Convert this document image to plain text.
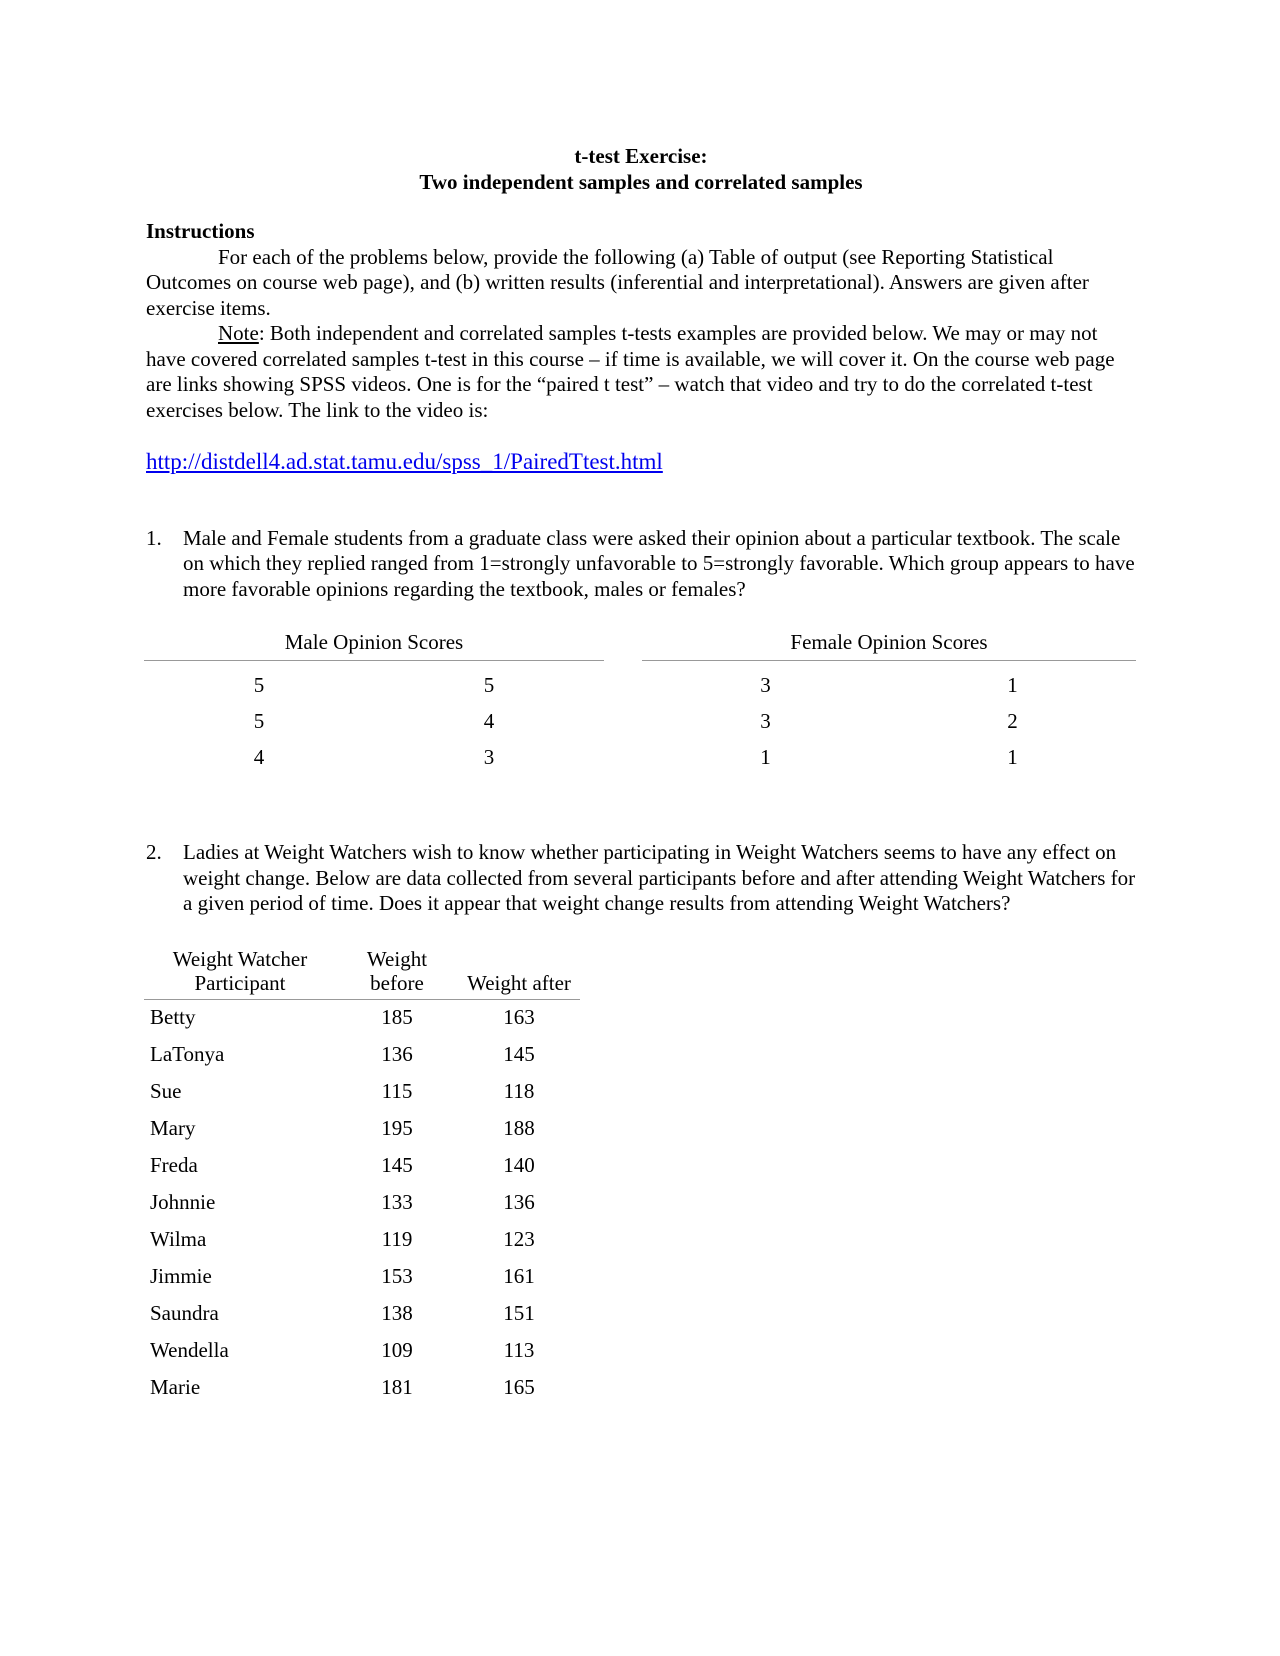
t-test Exercise:

Two independent samples and correlated samples

Instructions

For each of the problems below, provide the following (a) Table of output (see Reporting Statistical Outcomes on course web page), and (b) written results (inferential and interpretational). Answers are given after exercise items.

Note: Both independent and correlated samples t-tests examples are provided below. We may or may not have covered correlated samples t-test in this course – if time is available, we will cover it. On the course web page are links showing SPSS videos. One is for the “paired t test” – watch that video and try to do the correlated t-test exercises below. The link to the video is:

http://distdell4.ad.stat.tamu.edu/spss_1/PairedTtest.html
1.	Male and Female students from a graduate class were asked their opinion about a particular textbook. The scale on which they replied ranged from 1=strongly unfavorable to 5=strongly favorable. Which group appears to have more favorable opinions regarding the textbook, males or females?
Male Opinion Scores
5	5
5	4
4	3
Female Opinion Scores
3	1
3	2
1	1
2.	Ladies at Weight Watchers wish to know whether participating in Weight Watchers seems to have any effect on weight change. Below are data collected from several participants before and after attending Weight Watchers for a given period of time. Does it appear that weight change results from attending Weight Watchers?
Weight Watcher Participant	Weight before	Weight after
Betty	185	163
LaTonya	136	145
Sue	115	118
Mary	195	188
Freda	145	140
Johnnie	133	136
Wilma	119	123
Jimmie	153	161
Saundra	138	151
Wendella	109	113
Marie	181	165
